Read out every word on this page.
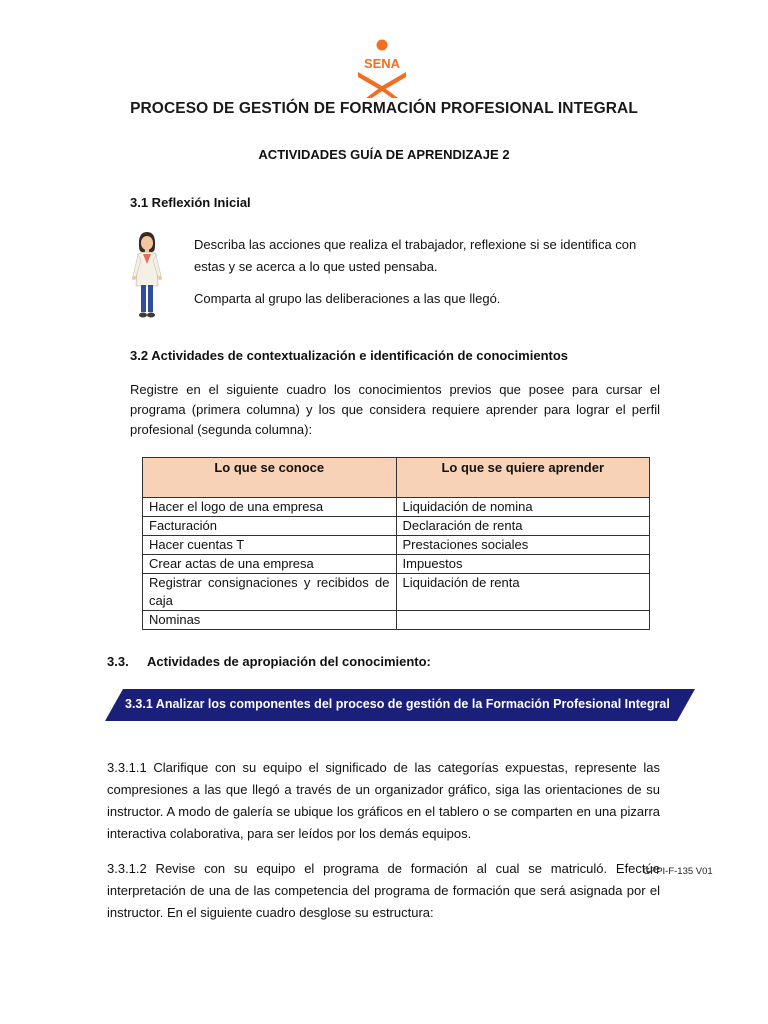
SENA
PROCESO DE GESTIÓN DE FORMACIÓN PROFESIONAL INTEGRAL
ACTIVIDADES GUÍA DE APRENDIZAJE 2
3.1 Reflexión Inicial
Describa las acciones que realiza el trabajador, reflexione si se identifica con estas y se acerca a lo que usted pensaba.
Comparta al grupo las deliberaciones a las que llegó.
3.2 Actividades de contextualización e identificación de conocimientos
Registre en el siguiente cuadro los conocimientos previos que posee para cursar el programa (primera columna) y los que considera requiere aprender para lograr el perfil profesional (segunda columna):
Lo que se conoce	Lo que se quiere aprender
Hacer el logo de una empresa	Liquidación de nomina
Facturación	Declaración de renta
Hacer cuentas T	Prestaciones sociales
Crear actas de una empresa	Impuestos
Registrar consignaciones y recibidos de caja	Liquidación de renta
Nominas	
3.3. Actividades de apropiación del conocimiento:
3.3.1 Analizar los componentes del proceso de gestión de la Formación Profesional Integral
3.3.1.1 Clarifique con su equipo el significado de las categorías expuestas, represente las compresiones a las que llegó a través de un organizador gráfico, siga las orientaciones de su instructor. A modo de galería se ubique los gráficos en el tablero o se comparten en una pizarra interactiva colaborativa, para ser leídos por los demás equipos.
3.3.1.2 Revise con su equipo el programa de formación al cual se matriculó. Efectúe interpretación de una de las competencia del programa de formación que será asignada por el instructor. En el siguiente cuadro desglose su estructura:
GFPI-F-135 V01
